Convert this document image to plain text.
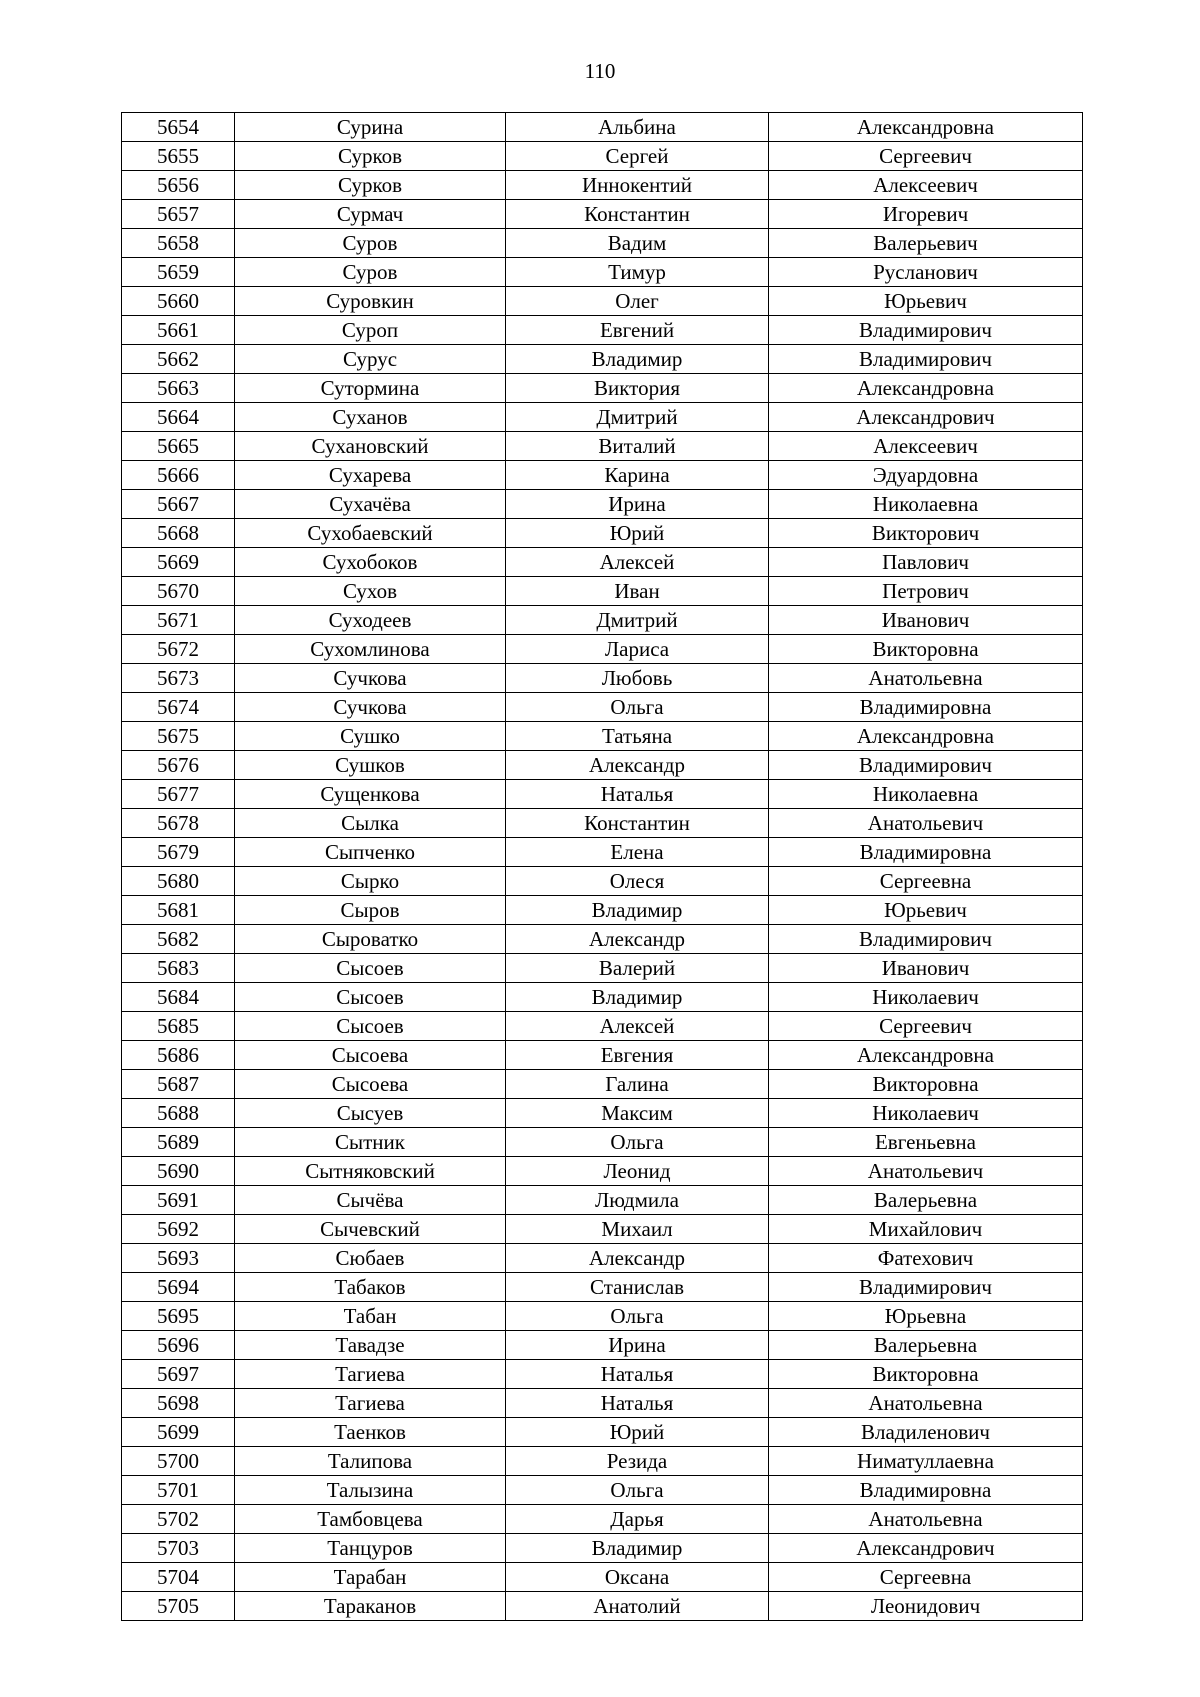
110
5654	Сурина	Альбина	Александровна
5655	Сурков	Сергей	Сергеевич
5656	Сурков	Иннокентий	Алексеевич
5657	Сурмач	Константин	Игоревич
5658	Суров	Вадим	Валерьевич
5659	Суров	Тимур	Русланович
5660	Суровкин	Олег	Юрьевич
5661	Суроп	Евгений	Владимирович
5662	Сурус	Владимир	Владимирович
5663	Сутормина	Виктория	Александровна
5664	Суханов	Дмитрий	Александрович
5665	Сухановский	Виталий	Алексеевич
5666	Сухарева	Карина	Эдуардовна
5667	Сухачёва	Ирина	Николаевна
5668	Сухобаевский	Юрий	Викторович
5669	Сухобоков	Алексей	Павлович
5670	Сухов	Иван	Петрович
5671	Суходеев	Дмитрий	Иванович
5672	Сухомлинова	Лариса	Викторовна
5673	Сучкова	Любовь	Анатольевна
5674	Сучкова	Ольга	Владимировна
5675	Сушко	Татьяна	Александровна
5676	Сушков	Александр	Владимирович
5677	Сущенкова	Наталья	Николаевна
5678	Сылка	Константин	Анатольевич
5679	Сыпченко	Елена	Владимировна
5680	Сырко	Олеся	Сергеевна
5681	Сыров	Владимир	Юрьевич
5682	Сыроватко	Александр	Владимирович
5683	Сысоев	Валерий	Иванович
5684	Сысоев	Владимир	Николаевич
5685	Сысоев	Алексей	Сергеевич
5686	Сысоева	Евгения	Александровна
5687	Сысоева	Галина	Викторовна
5688	Сысуев	Максим	Николаевич
5689	Сытник	Ольга	Евгеньевна
5690	Сытняковский	Леонид	Анатольевич
5691	Сычёва	Людмила	Валерьевна
5692	Сычевский	Михаил	Михайлович
5693	Сюбаев	Александр	Фатехович
5694	Табаков	Станислав	Владимирович
5695	Табан	Ольга	Юрьевна
5696	Тавадзе	Ирина	Валерьевна
5697	Тагиева	Наталья	Викторовна
5698	Тагиева	Наталья	Анатольевна
5699	Таенков	Юрий	Владиленович
5700	Талипова	Резида	Ниматуллаевна
5701	Талызина	Ольга	Владимировна
5702	Тамбовцева	Дарья	Анатольевна
5703	Танцуров	Владимир	Александрович
5704	Тарабан	Оксана	Сергеевна
5705	Тараканов	Анатолий	Леонидович
